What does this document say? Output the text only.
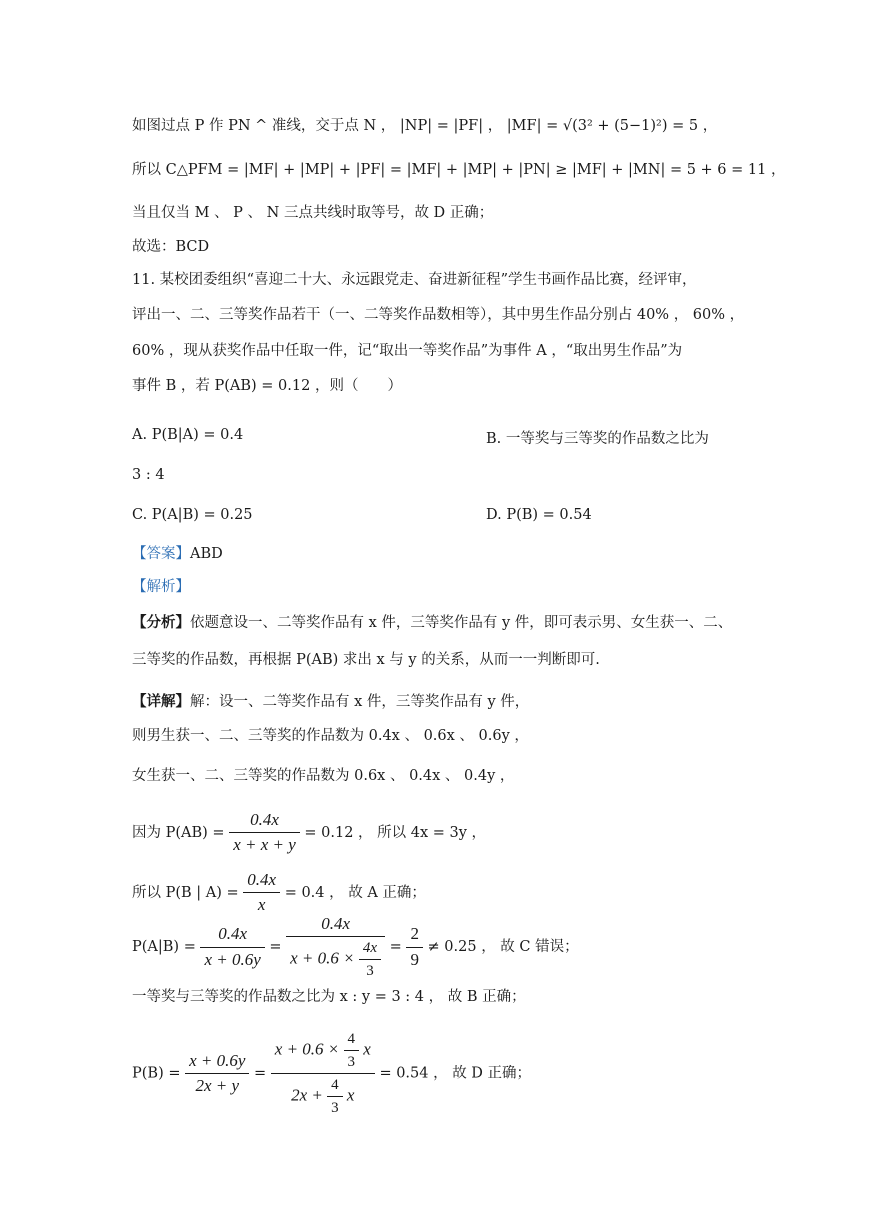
如图过点 P 作 PN ^ 准线，交于点 N ， |NP| = |PF| ， |MF| = √(3² + (5−1)²) = 5 ，
所以 C△PFM = |MF| + |MP| + |PF| = |MF| + |MP| + |PN| ≥ |MF| + |MN| = 5 + 6 = 11 ，
当且仅当 M 、 P 、 N 三点共线时取等号，故 D 正确；
故选：BCD
11. 某校团委组织“喜迎二十大、永远跟党走、奋进新征程”学生书画作品比赛，经评审，
评出一、二、三等奖作品若干（一、二等奖作品数相等），其中男生作品分别占 40% ， 60% ，
60% ，现从获奖作品中任取一件，记“取出一等奖作品”为事件 A ，“取出男生作品”为
事件 B ，若 P(AB) = 0.12 ，则（　　）
A. P(B|A) = 0.4	B. 一等奖与三等奖的作品数之比为
3 : 4
C. P(A|B) = 0.25	D. P(B) = 0.54
【答案】ABD
【解析】
【分析】依题意设一、二等奖作品有 x 件，三等奖作品有 y 件，即可表示男、女生获一、二、
三等奖的作品数，再根据 P(AB) 求出 x 与 y 的关系，从而一一判断即可.
【详解】解：设一、二等奖作品有 x 件，三等奖作品有 y 件，
则男生获一、二、三等奖的作品数为 0.4x 、 0.6x 、 0.6y ，
女生获一、二、三等奖的作品数为 0.6x 、 0.4x 、 0.4y ，
因为 $P(AB) = \frac{0.4x}{x + x + y} = 0.12$ ， 所以 4x = 3y ，
所以 P(B | $A) = \frac{0.4x}{x} = 0.4$ ， 故 A 正确；
$P(A|B) = \frac{0.4x}{x + 0.6y} = \frac{0.4x}{x + 0.6 \times \frac{4x}{3}} = \frac{2}{9} \ne 0.25$ ， 故 C 错误；
一等奖与三等奖的作品数之比为 x : y = 3 : 4 ， 故 B 正确；
$P(B) = \frac{x + 0.6y}{2x + y} = \frac{x + 0.6 \times \frac{4}{3} x}{2x + \frac{4}{3} x} = 0.54$ ， 故 D 正确；
